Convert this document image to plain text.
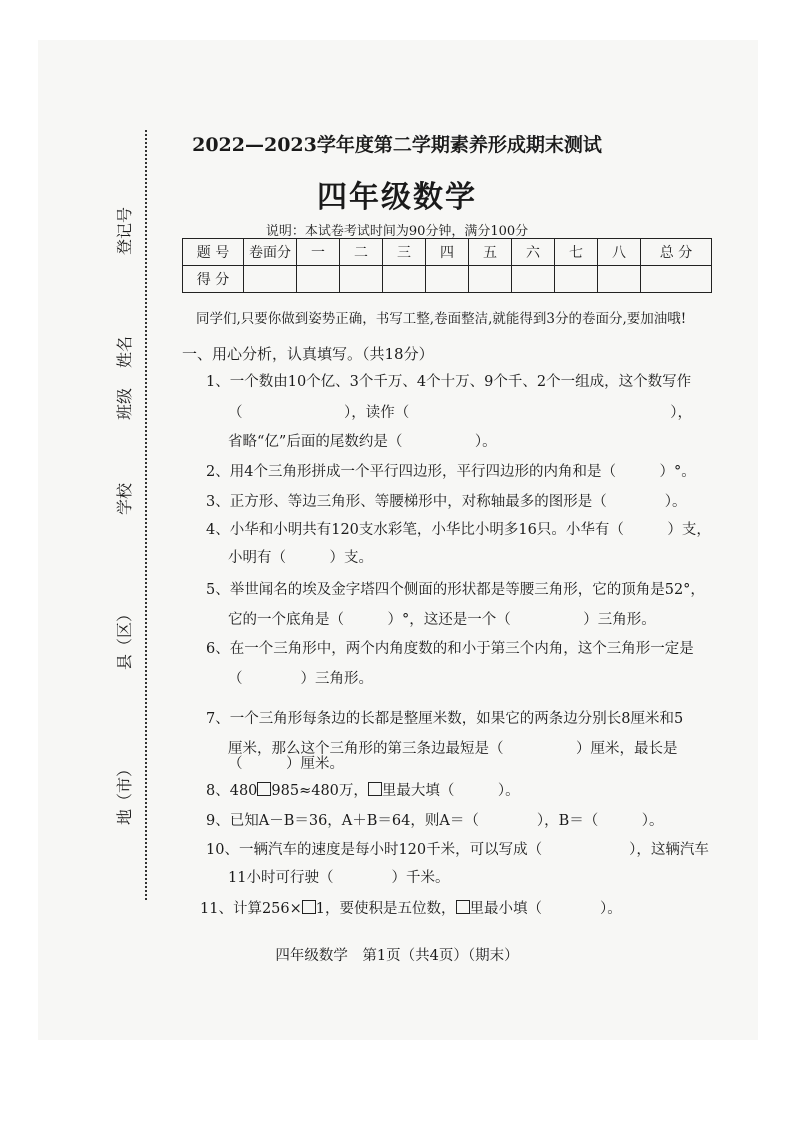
地（市）
县（区）
学校
班级
姓名
登记号
2022—2023学年度第二学期素养形成期末测试
四年级数学
说明：本试卷考试时间为90分钟，满分100分
题 号	卷面分	一	二	三	四	五	六	七	八	总 分
得 分										
同学们,只要你做到姿势正确，书写工整,卷面整洁,就能得到3分的卷面分,要加油哦!
一、用心分析，认真填写。（共18分）
1、一个数由10个亿、3个千万、4个十万、9个千、2个一组成，这个数写作
（　　　　　　　），读作（　　　　　　　　　　　　　　　　　　），
省略“亿”后面的尾数约是（　　　　　）。
2、用4个三角形拼成一个平行四边形，平行四边形的内角和是（　　　）°。
3、正方形、等边三角形、等腰梯形中，对称轴最多的图形是（　　　　）。
4、小华和小明共有120支水彩笔，小华比小明多16只。小华有（　　　）支，
小明有（　　　）支。
5、举世闻名的埃及金字塔四个侧面的形状都是等腰三角形，它的顶角是52°，
它的一个底角是（　　　）°，这还是一个（　　　　　）三角形。
6、在一个三角形中，两个内角度数的和小于第三个内角，这个三角形一定是
（　　　　）三角形。
7、一个三角形每条边的长都是整厘米数，如果它的两条边分别长8厘米和5
厘米，那么这个三角形的第三条边最短是（　　　　　）厘米，最长是
（　　　）厘米。
8、480 985≈480万， 里最大填（　　　）。
9、已知A－B＝36，A＋B＝64，则A＝（　　　　），B＝（　　　）。
10、一辆汽车的速度是每小时120千米，可以写成（　　　　　　），这辆汽车
11小时可行驶（　　　　）千米。
11、计算256× 1，要使积是五位数， 里最小填（　　　　）。
四年级数学　第1页（共4页）（期末）
